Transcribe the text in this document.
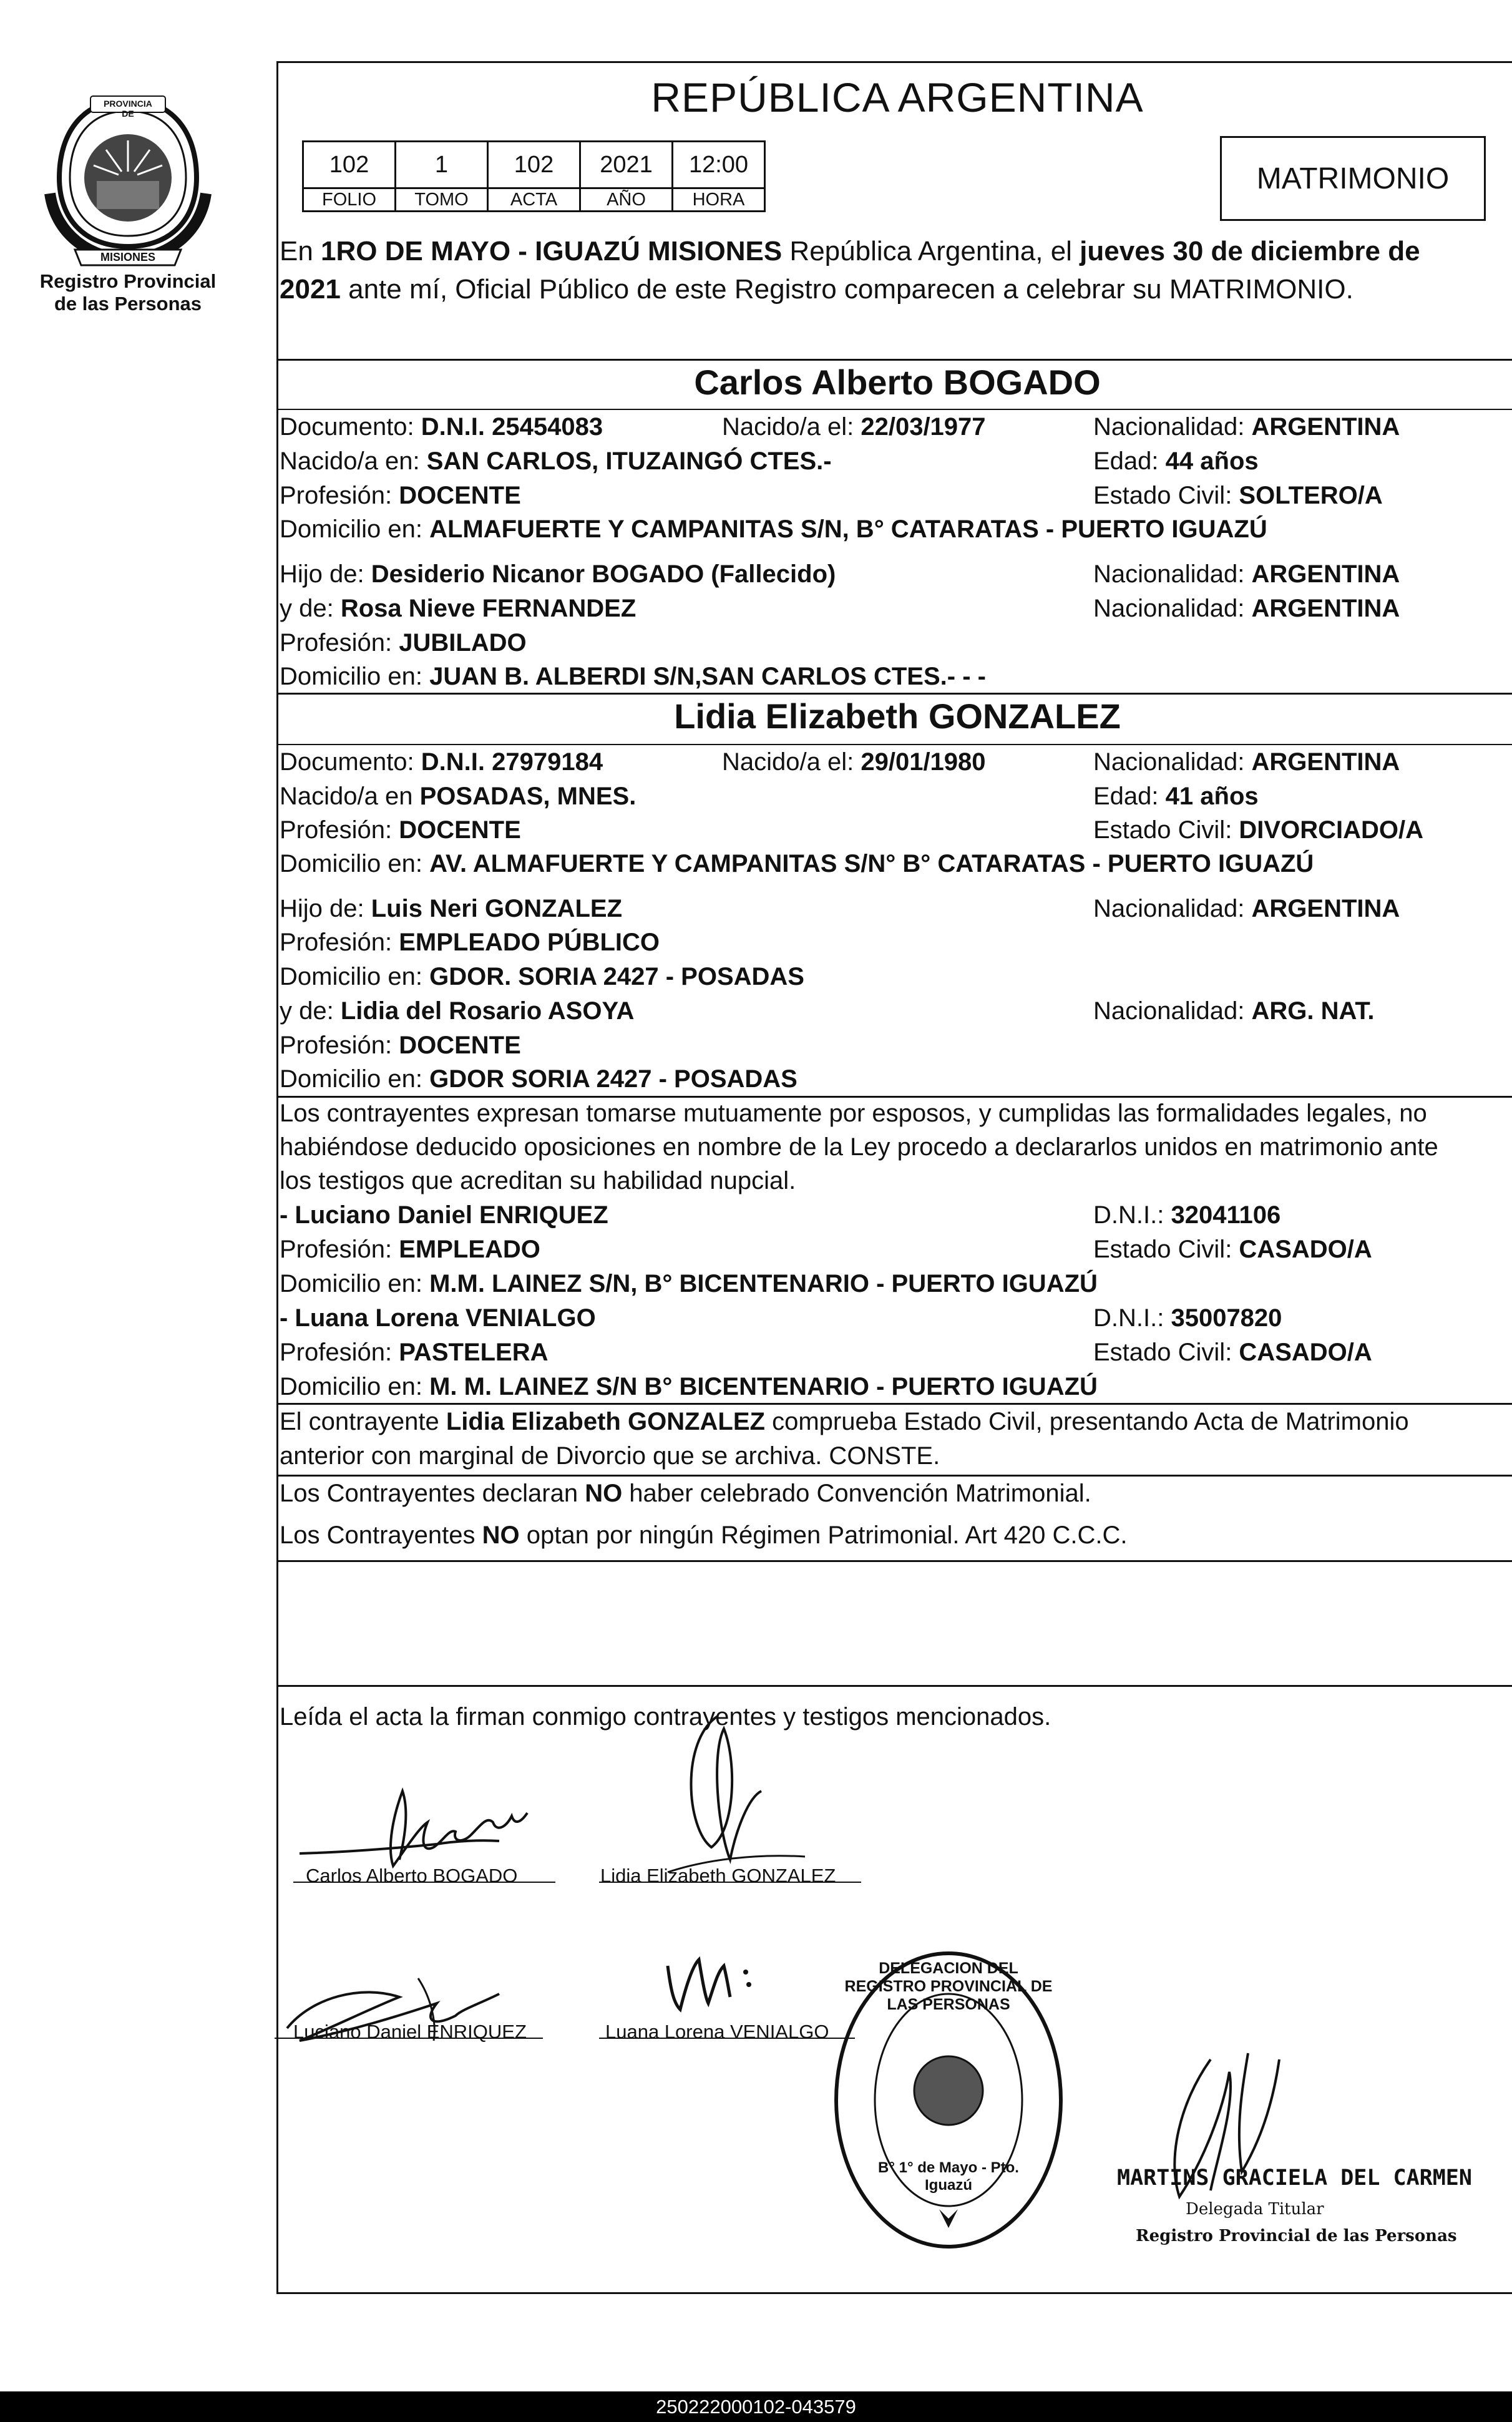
PROVINCIA DE
MISIONES
Registro Provincial
de las Personas
REPÚBLICA ARGENTINA
102	1	102	2021	12:00
FOLIO	TOMO	ACTA	AÑO	HORA
MATRIMONIO
En 1RO DE MAYO - IGUAZÚ MISIONES República Argentina, el jueves 30 de diciembre de
2021 ante mí, Oficial Público de este Registro comparecen a celebrar su MATRIMONIO.
Carlos Alberto BOGADO
Documento: D.N.I. 25454083	Nacido/a el: 22/03/1977	Nacionalidad: ARGENTINA
Nacido/a en: SAN CARLOS, ITUZAINGÓ CTES.-	Edad: 44 años
Profesión: DOCENTE	Estado Civil: SOLTERO/A
Domicilio en: ALMAFUERTE Y CAMPANITAS S/N, B° CATARATAS - PUERTO IGUAZÚ
Hijo de: Desiderio Nicanor BOGADO (Fallecido)	Nacionalidad: ARGENTINA
y de: Rosa Nieve FERNANDEZ	Nacionalidad: ARGENTINA
Profesión: JUBILADO
Domicilio en: JUAN B. ALBERDI S/N,SAN CARLOS CTES.- - -
Lidia Elizabeth GONZALEZ
Documento: D.N.I. 27979184	Nacido/a el: 29/01/1980	Nacionalidad: ARGENTINA
Nacido/a en POSADAS, MNES.	Edad: 41 años
Profesión: DOCENTE	Estado Civil: DIVORCIADO/A
Domicilio en: AV. ALMAFUERTE Y CAMPANITAS S/N° B° CATARATAS - PUERTO IGUAZÚ
Hijo de: Luis Neri GONZALEZ	Nacionalidad: ARGENTINA
Profesión: EMPLEADO PÚBLICO
Domicilio en: GDOR. SORIA 2427 - POSADAS
y de: Lidia del Rosario ASOYA	Nacionalidad: ARG. NAT.
Profesión: DOCENTE
Domicilio en: GDOR SORIA 2427 - POSADAS
Los contrayentes expresan tomarse mutuamente por esposos, y cumplidas las formalidades legales, no
habiéndose deducido oposiciones en nombre de la Ley procedo a declararlos unidos en matrimonio ante
los testigos que acreditan su habilidad nupcial.
- Luciano Daniel ENRIQUEZ	D.N.I.: 32041106
Profesión: EMPLEADO	Estado Civil: CASADO/A
Domicilio en: M.M. LAINEZ S/N, B° BICENTENARIO - PUERTO IGUAZÚ
- Luana Lorena VENIALGO	D.N.I.: 35007820
Profesión: PASTELERA	Estado Civil: CASADO/A
Domicilio en: M. M. LAINEZ S/N B° BICENTENARIO - PUERTO IGUAZÚ
El contrayente Lidia Elizabeth GONZALEZ comprueba Estado Civil, presentando Acta de Matrimonio
anterior con marginal de Divorcio que se archiva. CONSTE.
Los Contrayentes declaran NO haber celebrado Convención Matrimonial.
Los Contrayentes NO optan por ningún Régimen Patrimonial. Art 420 C.C.C.
Leída el acta la firman conmigo contrayentes y testigos mencionados.
Carlos Alberto BOGADO	Lidia Elizabeth GONZALEZ
Luciano Daniel ENRIQUEZ	Luana Lorena VENIALGO
DELEGACION DEL REGISTRO PROVINCIAL DE LAS PERSONAS
B° 1° de Mayo - Pto. Iguazú	MARTINS GRACIELA DEL CARMEN
Delegada Titular
Registro Provincial de las Personas
250222000102-043579
